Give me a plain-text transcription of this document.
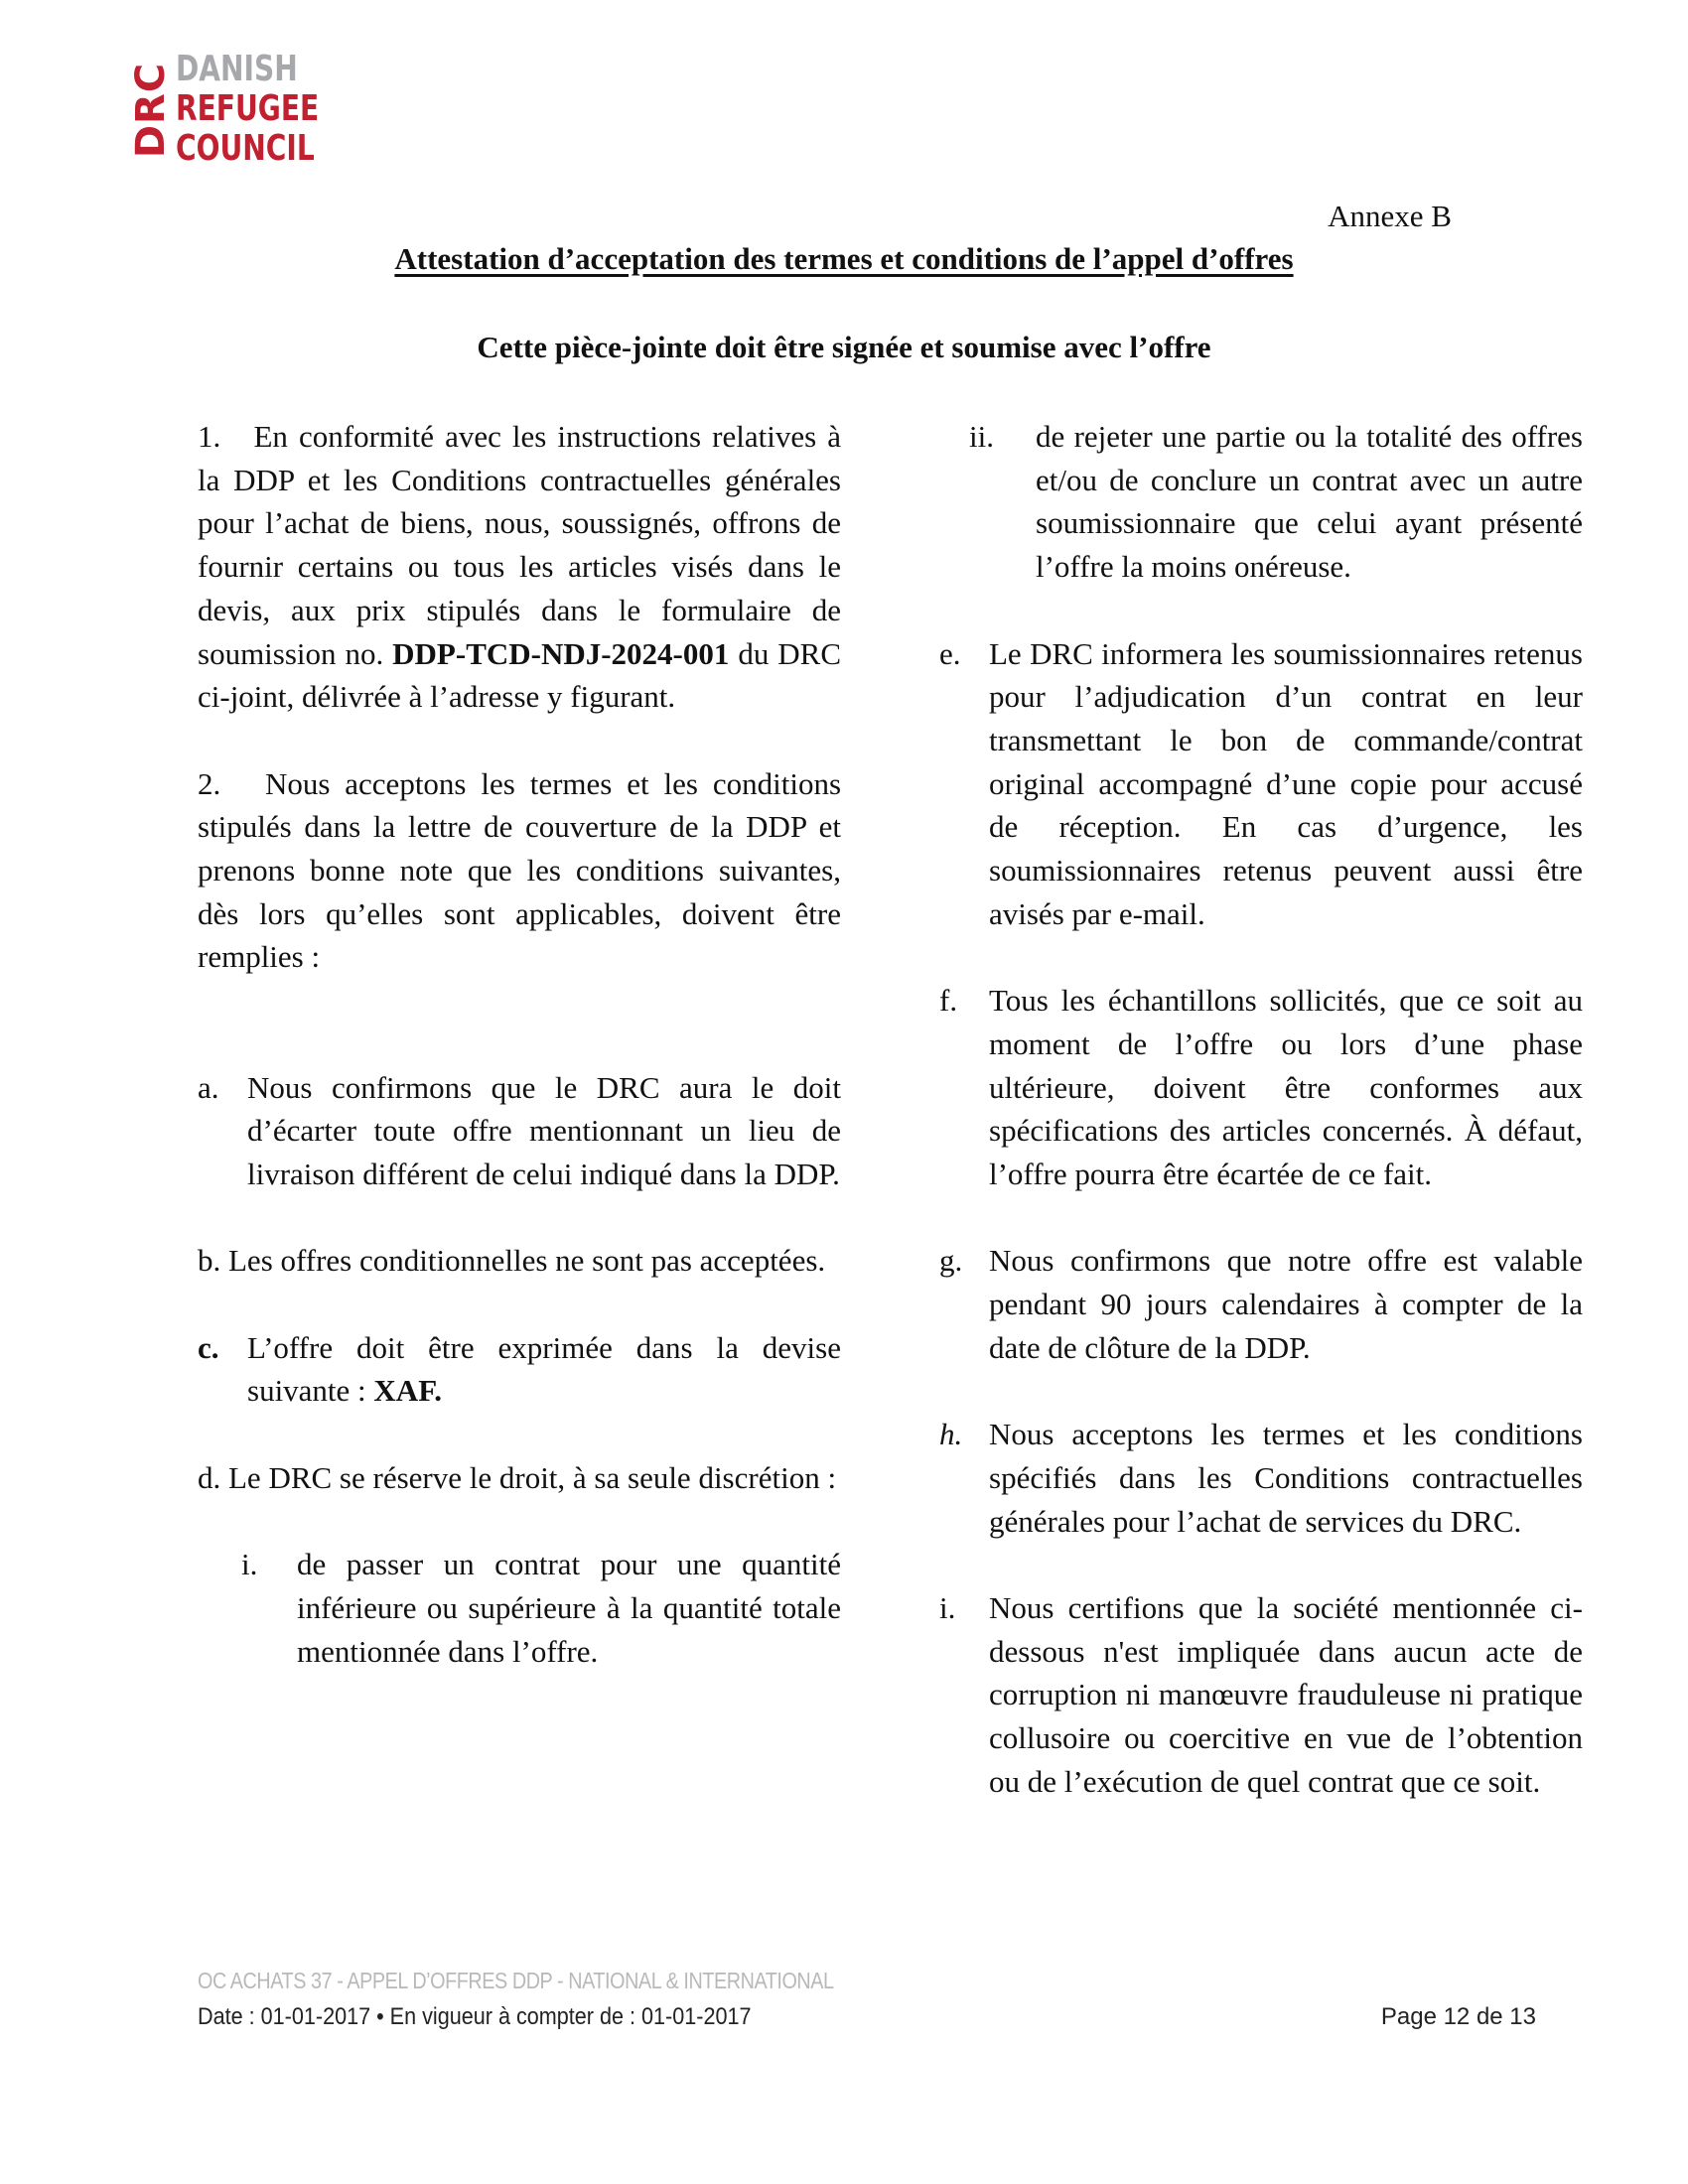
DRC DANISH
REFUGEE
COUNCIL
Annexe B
Attestation d’acceptation des termes et conditions de l’appel d’offres
Cette pièce-jointe doit être signée et soumise avec l’offre

1. En conformité avec les instructions relatives à la DDP et les Conditions contractuelles générales pour l’achat de biens, nous, soussignés, offrons de fournir certains ou tous les articles visés dans le devis, aux prix stipulés dans le formulaire de soumission no. DDP-TCD-NDJ-2024-001 du DRC ci-joint, délivrée à l’adresse y figurant.

2. Nous acceptons les termes et les conditions stipulés dans la lettre de couverture de la DDP et prenons bonne note que les conditions suivantes, dès lors qu’elles sont applicables, doivent être remplies :

a. Nous confirmons que le DRC aura le doit d’écarter toute offre mentionnant un lieu de livraison différent de celui indiqué dans la DDP.

b. Les offres conditionnelles ne sont pas acceptées.

c. L’offre doit être exprimée dans la devise suivante : XAF.

d. Le DRC se réserve le droit, à sa seule discrétion :

i. de passer un contrat pour une quantité inférieure ou supérieure à la quantité totale mentionnée dans l’offre.
ii. de rejeter une partie ou la totalité des offres et/ou de conclure un contrat avec un autre soumissionnaire que celui ayant présenté l’offre la moins onéreuse.
e. Le DRC informera les soumissionnaires retenus pour l’adjudication d’un contrat en leur transmettant le bon de commande/contrat original accompagné d’une copie pour accusé de réception. En cas d’urgence, les soumissionnaires retenus peuvent aussi être avisés par e-mail.
f. Tous les échantillons sollicités, que ce soit au moment de l’offre ou lors d’une phase ultérieure, doivent être conformes aux spécifications des articles concernés. À défaut, l’offre pourra être écartée de ce fait.
g. Nous confirmons que notre offre est valable pendant 90 jours calendaires à compter de la date de clôture de la DDP.
h. Nous acceptons les termes et les conditions spécifiés dans les Conditions contractuelles générales pour l’achat de services du DRC.
i. Nous certifions que la société mentionnée ci-dessous n'est impliquée dans aucun acte de corruption ni manœuvre frauduleuse ni pratique collusoire ou coercitive en vue de l’obtention ou de l’exécution de quel contrat que ce soit.
OC ACHATS 37 - APPEL D’OFFRES DDP - NATIONAL & INTERNATIONAL
Date : 01-01-2017 • En vigueur à compter de : 01-01-2017	Page 12 de 13
